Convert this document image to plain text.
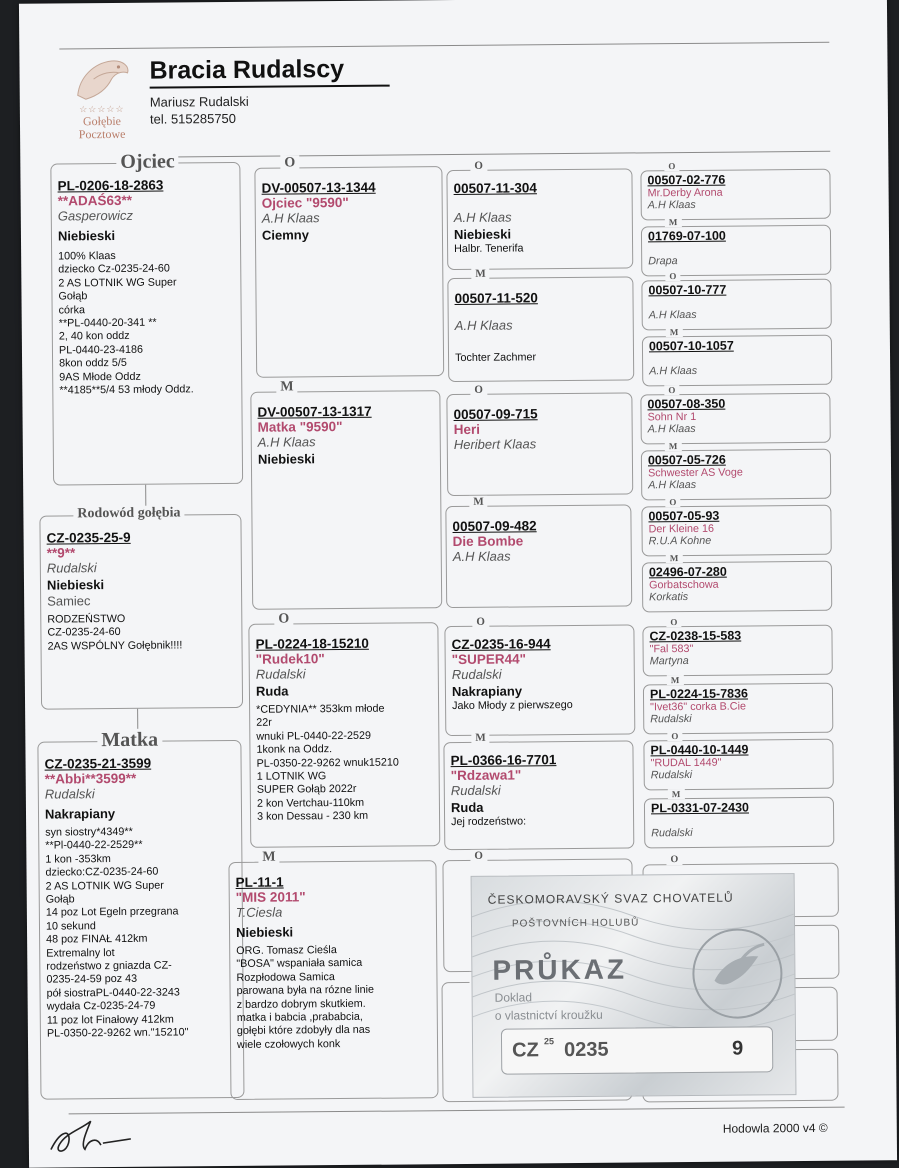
☆☆☆☆☆
Gołębie
Pocztowe
Bracia Rudalscy
Mariusz Rudalski
tel. 515285750
PL-0206-18-2863
**ADAŚ63**
Gasperowicz
Niebieski
100% Klaas
dziecko Cz-0235-24-60
2 AS LOTNIK WG Super
Gołąb
córka
**PL-0440-20-341 **
2, 40 kon oddz
PL-0440-23-4186
8kon oddz 5/5
9AS Młode Oddz
**4185**5/4 53 młody Oddz.
Ojciec
CZ-0235-25-9
**9**
Rudalski
Niebieski
Samiec
RODZEŃSTWO
CZ-0235-24-60
2AS WSPÓLNY Gołębnik!!!!
Rodowód gołębia
CZ-0235-21-3599
**Abbi**3599**
Rudalski
Nakrapiany
syn siostry*4349**
**Pl-0440-22-2529**
1 kon -353km
dziecko:CZ-0235-24-60
2 AS LOTNIK WG Super
Gołąb
14 poz Lot Egeln przegrana
10 sekund
48 poz FINAŁ 412km
Extremalny lot
rodzeństwo z gniazda CZ-
0235-24-59 poz 43
pół siostraPL-0440-22-3243
wydała Cz-0235-24-79
11 poz lot Finałowy 412km
PL-0350-22-9262 wn."15210"
Matka
DV-00507-13-1344
Ojciec "9590"
A.H Klaas
Ciemny
O
DV-00507-13-1317
Matka "9590"
A.H Klaas
Niebieski
M
PL-0224-18-15210
"Rudek10"
Rudalski
Ruda
*CEDYNIA** 353km młode
22r
wnuki PL-0440-22-2529
1konk na Oddz.
PL-0350-22-9262 wnuk15210
1 LOTNIK WG
SUPER Gołąb 2022r
2 kon Vertchau-110km
3 kon Dessau - 230 km
O
PL-11-1
"MIS 2011"
T.Ciesla
Niebieski
ORG. Tomasz Cieśla
"BOSA" wspaniała samica
Rozpłodowa Samica
parowana była na rózne linie
z bardzo dobrym skutkiem.
matka i babcia ,prababcia,
gołębi które zdobyły dla nas
wiele czołowych konk
M
00507-11-304
A.H Klaas
Niebieski
Halbr. Tenerifa
O
00507-11-520
A.H Klaas
Tochter Zachmer
M
00507-09-715
Heri
Heribert Klaas
O
00507-09-482
Die Bombe
A.H Klaas
M
CZ-0235-16-944
"SUPER44"
Rudalski
Nakrapiany
Jako Młody z pierwszego
O
PL-0366-16-7701
"Rdzawa1"
Rudalski
Ruda
Jej rodzeństwo:
M
O
00507-02-776
Mr.Derby Arona
A.H Klaas
O
01769-07-100
Drapa
M
00507-10-777
A.H Klaas
O
00507-10-1057
A.H Klaas
M
00507-08-350
Sohn Nr 1
A.H Klaas
O
00507-05-726
Schwester AS Voge
A.H Klaas
M
00507-05-93
Der Kleine 16
R.U.A Kohne
O
02496-07-280
Gorbatschowa
Korkatis
M
CZ-0238-15-583
"Fal 583"
Martyna
O
PL-0224-15-7836
"Ivet36" corka B.Cie
Rudalski
M
PL-0440-10-1449
"RUDAL 1449"
Rudalski
O
PL-0331-07-2430
Rudalski
M
O
ČESKOMORAVSKÝ SVAZ CHOVATELŮ
POŠTOVNÍCH HOLUBŮ
PRŮKAZ
Doklad
o vlastnictví kroužku
CZ 25 0235	9
Hodowla 2000 v4 ©
